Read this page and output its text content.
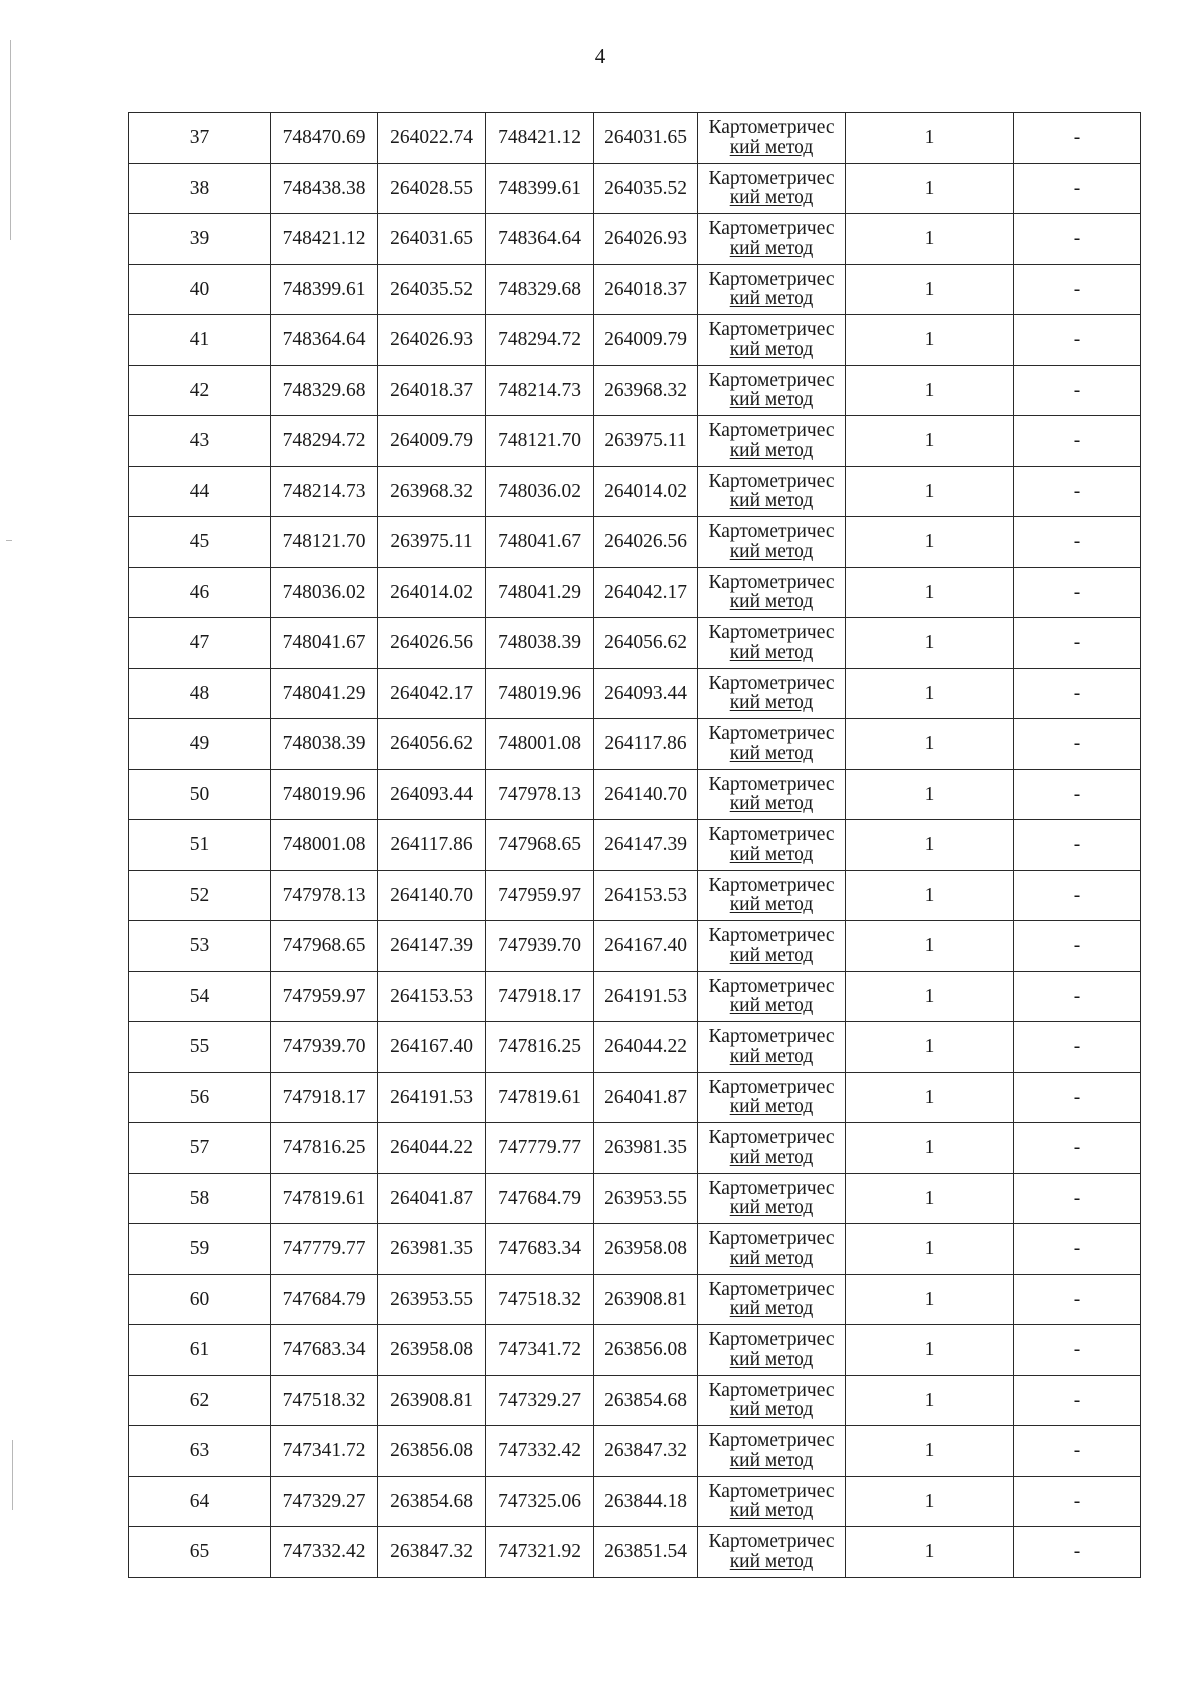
4
37	748470.69	264022.74	748421.12	264031.65	Картометричес
кий метод	1	-
38	748438.38	264028.55	748399.61	264035.52	Картометричес
кий метод	1	-
39	748421.12	264031.65	748364.64	264026.93	Картометричес
кий метод	1	-
40	748399.61	264035.52	748329.68	264018.37	Картометричес
кий метод	1	-
41	748364.64	264026.93	748294.72	264009.79	Картометричес
кий метод	1	-
42	748329.68	264018.37	748214.73	263968.32	Картометричес
кий метод	1	-
43	748294.72	264009.79	748121.70	263975.11	Картометричес
кий метод	1	-
44	748214.73	263968.32	748036.02	264014.02	Картометричес
кий метод	1	-
45	748121.70	263975.11	748041.67	264026.56	Картометричес
кий метод	1	-
46	748036.02	264014.02	748041.29	264042.17	Картометричес
кий метод	1	-
47	748041.67	264026.56	748038.39	264056.62	Картометричес
кий метод	1	-
48	748041.29	264042.17	748019.96	264093.44	Картометричес
кий метод	1	-
49	748038.39	264056.62	748001.08	264117.86	Картометричес
кий метод	1	-
50	748019.96	264093.44	747978.13	264140.70	Картометричес
кий метод	1	-
51	748001.08	264117.86	747968.65	264147.39	Картометричес
кий метод	1	-
52	747978.13	264140.70	747959.97	264153.53	Картометричес
кий метод	1	-
53	747968.65	264147.39	747939.70	264167.40	Картометричес
кий метод	1	-
54	747959.97	264153.53	747918.17	264191.53	Картометричес
кий метод	1	-
55	747939.70	264167.40	747816.25	264044.22	Картометричес
кий метод	1	-
56	747918.17	264191.53	747819.61	264041.87	Картометричес
кий метод	1	-
57	747816.25	264044.22	747779.77	263981.35	Картометричес
кий метод	1	-
58	747819.61	264041.87	747684.79	263953.55	Картометричес
кий метод	1	-
59	747779.77	263981.35	747683.34	263958.08	Картометричес
кий метод	1	-
60	747684.79	263953.55	747518.32	263908.81	Картометричес
кий метод	1	-
61	747683.34	263958.08	747341.72	263856.08	Картометричес
кий метод	1	-
62	747518.32	263908.81	747329.27	263854.68	Картометричес
кий метод	1	-
63	747341.72	263856.08	747332.42	263847.32	Картометричес
кий метод	1	-
64	747329.27	263854.68	747325.06	263844.18	Картометричес
кий метод	1	-
65	747332.42	263847.32	747321.92	263851.54	Картометричес
кий метод	1	-
